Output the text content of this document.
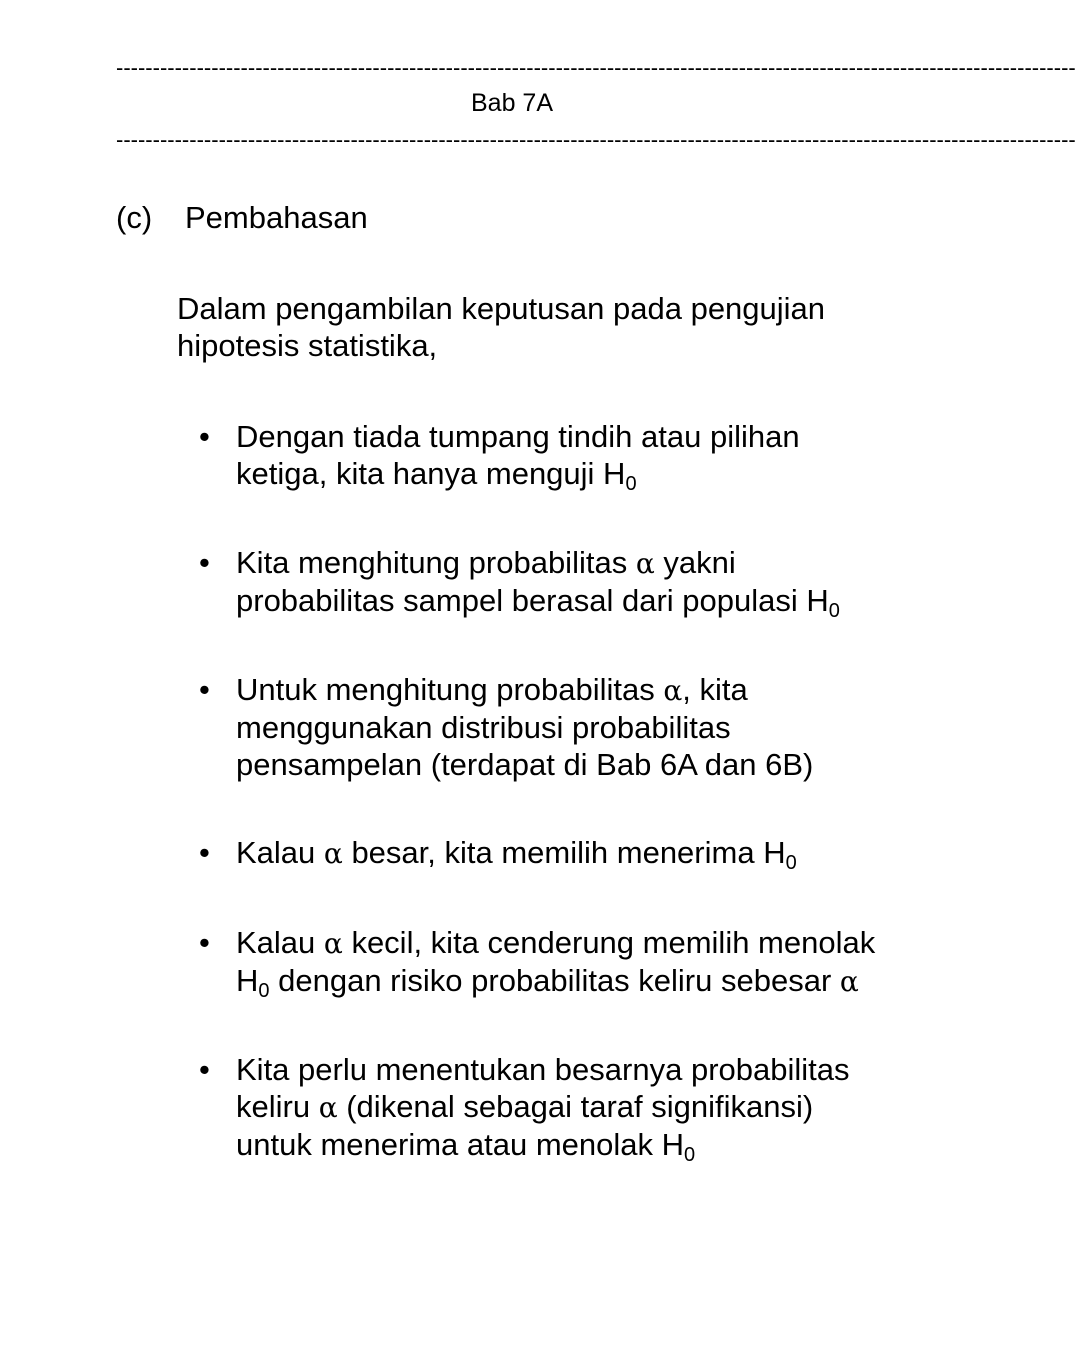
-----------------------------------------------------------------------------------------------------------------------------------
Bab 7A
-----------------------------------------------------------------------------------------------------------------------------------
(c) Pembahasan
Dalam pengambilan keputusan pada pengujian
hipotesis statistika,
• Dengan tiada tumpang tindih atau pilihan
ketiga, kita hanya menguji $H_0$
• Kita menghitung probabilitas α yakni
probabilitas sampel berasal dari populasi $H_0$
• Untuk menghitung probabilitas α, kita
menggunakan distribusi probabilitas
pensampelan (terdapat di Bab 6A dan 6B)
• Kalau α besar, kita memilih menerima $H_0$
• Kalau α kecil, kita cenderung memilih menolak
$H_0$ dengan risiko probabilitas keliru sebesar α
• Kita perlu menentukan besarnya probabilitas
keliru α (dikenal sebagai taraf signifikansi)
untuk menerima atau menolak $H_0$
